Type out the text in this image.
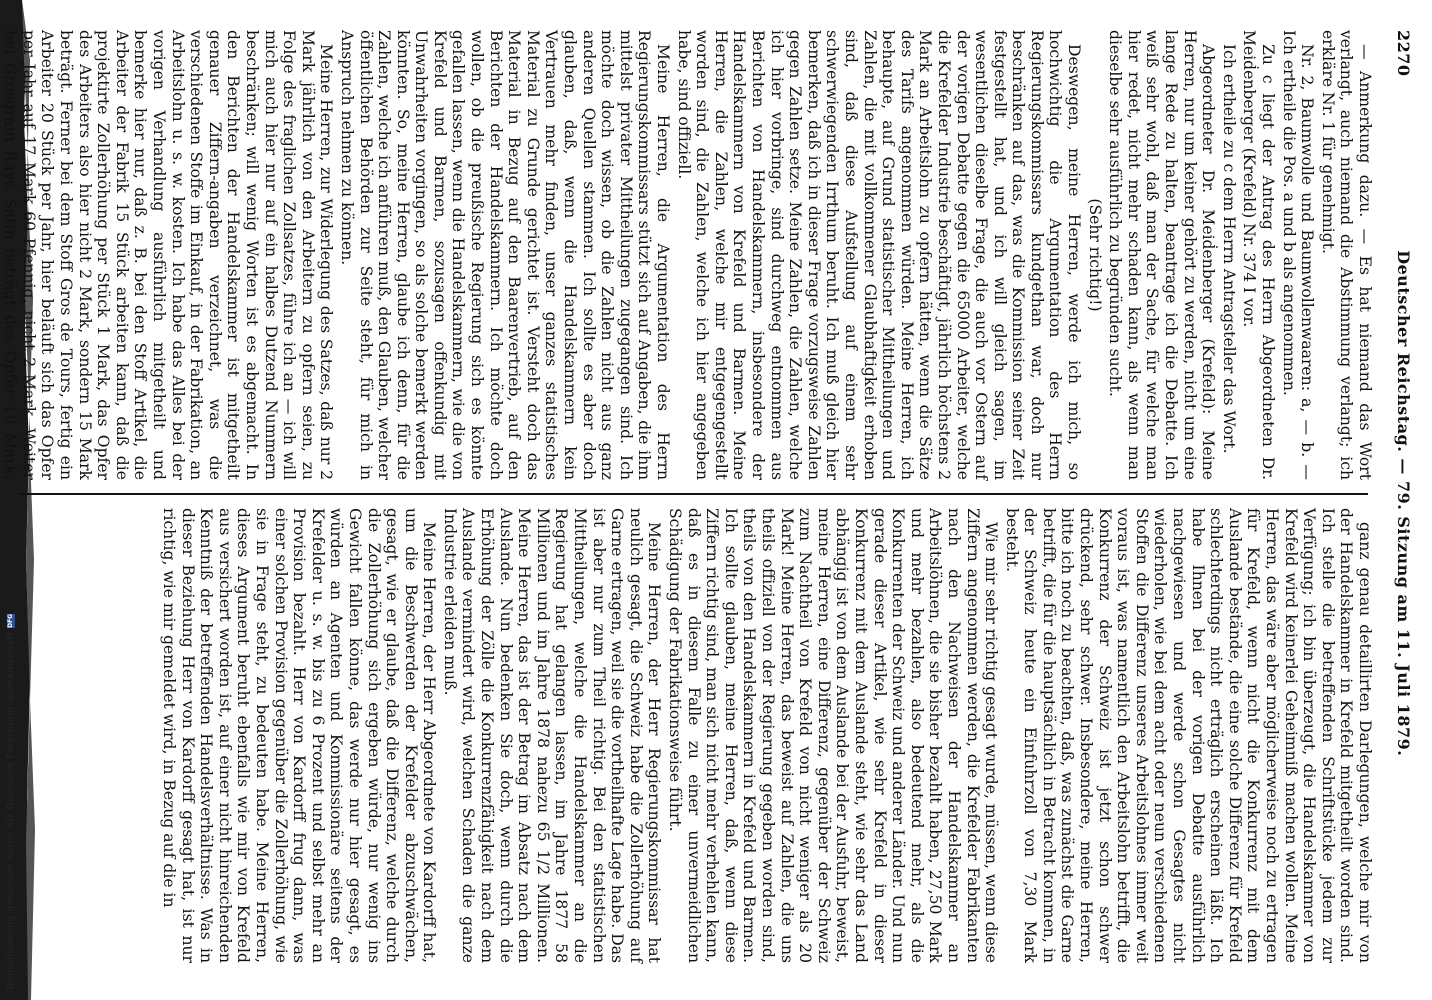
2270
Deutscher Reichstag. — 79. Sitzung am 11. Juli 1879.

— Anmerkung dazu. — Es hat niemand das Wort verlangt, auch niemand die Abstimmung verlangt; ich erkläre Nr. 1 für genehmigt.

Nr. 2, Baumwolle und Baumwollenwaaren: a, — b. — Ich ertheile die Pos. a und b als angenommen.

Zu c liegt der Antrag des Herrn Abgeordneten Dr. Meiḋenberger (Krefeld) Nr. 374 I vor.

Ich ertheile zu c dem Herrn Antragsteller das Wort.

Abgeordneter Dr. Meiḋenberger (Krefeld): Meine Herren, nur um keiner gehört zu werden, nicht um eine lange Rede zu halten, beantrage ich die Debatte. Ich weiß sehr wohl, daß man der Sache, für welche man hier redet, nicht mehr schaden kann, als wenn man dieselbe sehr ausführlich zu begründen sucht.

(Sehr richtig!)

Deswegen, meine Herren, werde ich mich, so hochwichtig die Argumentation des Herrn Regierungskommissars kundgethan war, doch nur beschränken auf das, was die Kommission seiner Zeit festgestellt hat, und ich will gleich sagen, im wesentlichen dieselbe Frage, die auch vor Ostern auf der vorigen Debatte gegen die 65000 Arbeiter, welche die Krefelder Industrie beschäftigt, jährlich höchstens 2 Mark an Arbeitslohn zu opfern hätten, wenn die Sätze des Tarifs angenommen würden. Meine Herren, ich behaupte, auf Grund statistischer Mittheilungen und Zahlen, die mit vollkommener Glaubhaftigkeit erhoben sind, daß diese Aufstellung auf einem sehr schwerwiegenden Irrthum beruht. Ich muß gleich hier bemerken, daß ich in dieser Frage vorzugsweise Zahlen gegen Zahlen setze. Meine Zahlen, die Zahlen, welche ich hier vorbringe, sind durchweg entnommen aus Berichten von Handelskammern, insbesondere der Handelskammern von Krefeld und Barmen. Meine Herren, die Zahlen, welche mir entgegengestellt worden sind, die Zahlen, welche ich hier angegeben habe, sind offiziell.

Meine Herren, die Argumentation des Herrn Regierungskommissars stützt sich auf Angaben, die ihm mittelst privater Mittheilungen zugegangen sind. Ich möchte doch wissen, ob die Zahlen nicht aus ganz anderen Quellen stammen. Ich sollte es aber doch glauben, daß, wenn die Handelskammern kein Vertrauen mehr finden, unser ganzes statistisches Material zu Grunde gerichtet ist. Versteht doch das Material in Bezug auf den Baarenvertrieb, auf den Berichten der Handelskammern. Ich möchte doch wollen, ob die preußische Regierung sich es könnte gefallen lassen, wenn die Handelskammern, wie die von Krefeld und Barmen, sozusagen offenkundig mit Unwahrheiten vorgingen, so als solche bemerkt werden könnten. So, meine Herren, glaube ich denn, für die Zahlen, welche ich anführen muß, den Glauben, welcher öffentlichen Behörden zur Seite steht, für mich in Anspruch nehmen zu können.

Meine Herren, zur Widerlegung des Satzes, daß nur 2 Mark jährlich von den Arbeitern zu opfern seien, zu Folge des fraglichen Zollsatzes, führe ich an — ich will mich auch hier nur auf ein halbes Dutzend Nummern beschränken; will wenig Worten ist es abgemacht. In den Berichten der Handelskammer ist mitgetheilt genauer Ziffern-angaben verzeichnet, was die verschiedenen Stoffe im Einkauf, in der Fabrikation, an Arbeitslohn u. s. w. kosten. Ich habe das Alles bei der vorigen Verhandlung ausführlich mitgetheilt und bemerke hier nur, daß z. B. bei den Stoff Artikel, die Arbeiter der Fabrik 15 Stück arbeiten kann, daß die projektirte Zollerhöhung per Stück 1 Mark, das Opfer des Arbeiters also hier nicht 2 Mark, sondern 15 Mark beträgt. Ferner bei dem Stoff Gros de Tours, fertig ein Arbeiter 20 Stück per Jahr, hier beläuft sich das Opfer per Jahr auf 17 Mark 60 Pfennig, nicht 2 Mark. Weiter bei Grosgrain Rayé Satin beträgt das Opfer 18 Mark,

ganz genau detaillirten Darlegungen, welche mir von der Handelskammer in Krefeld mitgetheilt worden sind. Ich stelle die betreffenden Schriftstücke jedem zur Verfügung; ich bin überzeugt, die Handelskammer von Krefeld wird keinerlei Geheimniß machen wollen. Meine Herren, das wäre aber möglicherweise noch zu ertragen für Krefeld, wenn nicht die Konkurrenz mit dem Auslande bestände, die eine solche Differenz für Krefeld schlechterdings nicht erträglich erscheinen läßt. Ich habe Ihnen bei der vorigen Debatte ausführlich nachgewiesen und werde schon Gesagtes nicht wiederholen, wie bei dem acht oder neun verschiedenen Stoffen die Differenz unseres Arbeitslohnes immer weit voraus ist, was namentlich den Arbeitslohn betrifft, die Konkurrenz der Schweiz ist jetzt schon schwer drückend, sehr schwer. Insbesondere, meine Herren, bitte ich noch zu beachten, daß, was zunächst die Garne betrifft, die für die hauptsächlich in Betracht kommen, in der Schweiz heute ein Einfuhrzoll von 7,30 Mark besteht.

Wie mir sehr richtig gesagt wurde, müssen, wenn diese Ziffern angenommen werden, die Krefelder Fabrikanten nach den Nachweisen der Handelskammer an Arbeitslöhnen, die sie bisher bezahlt haben, 27,50 Mark und mehr bezahlen, also bedeutend mehr, als die Konkurrenten der Schweiz und anderer Länder. Und nun gerade dieser Artikel, wie sehr Krefeld in dieser Konkurrenz mit dem Auslande steht, wie sehr das Land abhängig ist von dem Auslande bei der Ausfuhr, beweist, meine Herren, eine Differenz, gegenüber der Schweiz zum Nachtheil von Krefeld von nicht weniger als 20 Mark! Meine Herren, das beweist auf Zahlen, die uns theils offiziell von der Regierung gegeben worden sind, theils von den Handelskammern in Krefeld und Barmen. Ich sollte glauben, meine Herren, daß, wenn diese Ziffern richtig sind, man sich nicht mehr verhehlen kann, daß es in diesem Falle zu einer unvermeidlichen Schädigung der Fabrikationsweise führt.

Meine Herren, der Herr Regierungskommissar hat neulich gesagt, die Schweiz habe die Zollerhöhung auf Garne ertragen, weil sie die vortheilhafte Lage habe. Das ist aber nur zum Theil richtig. Bei den statistischen Mittheilungen, welche die Handelskammer an die Regierung hat gelangen lassen, im Jahre 1877 58 Millionen und im Jahre 1878 nahezu 65 1/2 Millionen. Meine Herren, das ist der Betrag im Absatz nach dem Auslande. Nun bedenken Sie doch, wenn durch die Erhöhung der Zölle die Konkurrenzfähigkeit nach dem Auslande vermindert wird, welchen Schaden die ganze Industrie erleiden muß.

Meine Herren, der Herr Abgeordnete von Kardorff hat, um die Beschwerden der Krefelder abzuschwächen, gesagt, wie er glaube, daß die Differenz, welche durch die Zollerhöhung sich ergeben würde, nur wenig ins Gewicht fallen könne, das werde nur hier gesagt, es würden an Agenten und Kommissionäre seitens der Krefelder u. s. w. bis zu 6 Prozent und selbst mehr an Provision bezahlt. Herr von Kardorff frug dann, was einer solchen Provision gegenüber die Zollerhöhung, wie sie in Frage steht, zu bedeuten habe. Meine Herren, dieses Argument beruht ebenfalls wie mir von Krefeld aus versichert worden ist, auf einer nicht hinreichenden Kenntniß der betreffenden Handelsverhältnisse. Was in dieser Beziehung Herr von Kardorff gesagt hat, ist nur richtig, wie mir gemeldet wird, in Bezug auf die in

Digitalisierung gefördert durch die Deutsche Forschungsgemeinschaft
DFG
